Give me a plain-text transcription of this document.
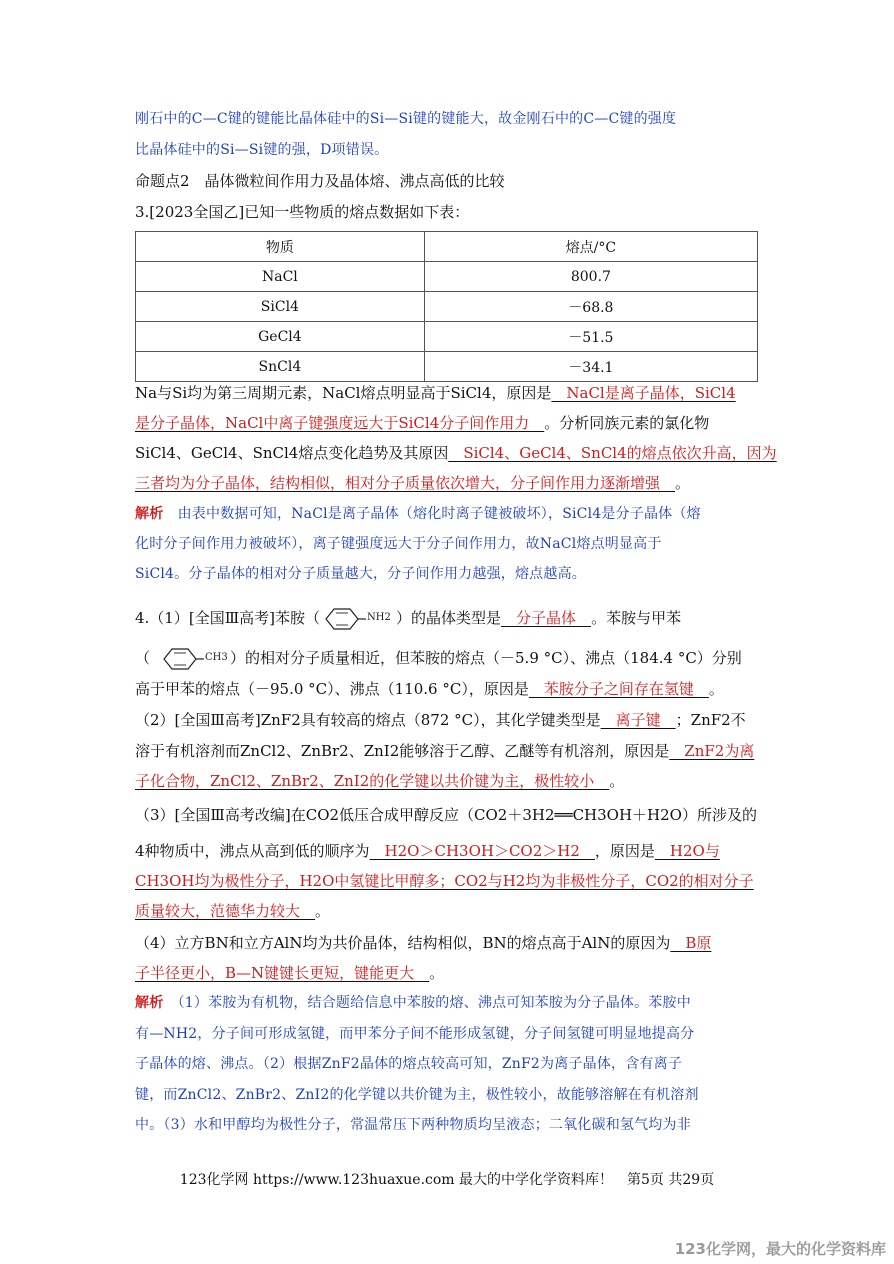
刚石中的C—C键的键能比晶体硅中的Si—Si键的键能大，故金刚石中的C—C键的强度
比晶体硅中的Si—Si键的强，D项错误。
命题点2　晶体微粒间作用力及晶体熔、沸点高低的比较
3.[2023全国乙]已知一些物质的熔点数据如下表：
物质	熔点/°C
NaCl	800.7
SiCl4	－68.8
GeCl4	－51.5
SnCl4	－34.1
Na与Si均为第三周期元素，NaCl熔点明显高于SiCl4，原因是　NaCl是离子晶体，SiCl4
是分子晶体，NaCl中离子键强度远大于SiCl4分子间作用力　。分析同族元素的氯化物
SiCl4、GeCl4、SnCl4熔点变化趋势及其原因　SiCl4、GeCl4、SnCl4的熔点依次升高，因为
三者均为分子晶体，结构相似，相对分子质量依次增大，分子间作用力逐渐增强　。
解析　由表中数据可知，NaCl是离子晶体（熔化时离子键被破坏），SiCl4是分子晶体（熔
化时分子间作用力被破坏），离子键强度远大于分子间作用力，故NaCl熔点明显高于
SiCl4。分子晶体的相对分子质量越大，分子间作用力越强，熔点越高。
4.（1）[全国Ⅲ高考]苯胺（	NH2 ）的晶体类型是　分子晶体　。苯胺与甲苯
（	CH3 ）的相对分子质量相近，但苯胺的熔点（－5.9 °C）、沸点（184.4 °C）分别
高于甲苯的熔点（－95.0 °C）、沸点（110.6 °C），原因是　苯胺分子之间存在氢键　。
（2）[全国Ⅲ高考]ZnF2具有较高的熔点（872 °C），其化学键类型是　离子键　；ZnF2不
溶于有机溶剂而ZnCl2、ZnBr2、ZnI2能够溶于乙醇、乙醚等有机溶剂，原因是　ZnF2为离
子化合物，ZnCl2、ZnBr2、ZnI2的化学键以共价键为主，极性较小　。
（3）[全国Ⅲ高考改编]在CO2低压合成甲醇反应（CO2＋3H2══CH3OH＋H2O）所涉及的
4种物质中，沸点从高到低的顺序为　H2O＞CH3OH＞CO2＞H2　，原因是　H2O与
CH3OH均为极性分子，H2O中氢键比甲醇多；CO2与H2均为非极性分子，CO2的相对分子
质量较大，范德华力较大　。
（4）立方BN和立方AlN均为共价晶体，结构相似，BN的熔点高于AlN的原因为　B原
子半径更小，B—N键键长更短，键能更大　。
解析　（1）苯胺为有机物，结合题给信息中苯胺的熔、沸点可知苯胺为分子晶体。苯胺中
有—NH2，分子间可形成氢键，而甲苯分子间不能形成氢键，分子间氢键可明显地提高分
子晶体的熔、沸点。（2）根据ZnF2晶体的熔点较高可知，ZnF2为离子晶体，含有离子
键，而ZnCl2、ZnBr2、ZnI2的化学键以共价键为主，极性较小，故能够溶解在有机溶剂
中。（3）水和甲醇均为极性分子，常温常压下两种物质均呈液态；二氧化碳和氢气均为非
123化学网 https://www.123huaxue.com 最大的中学化学资料库！　第5页 共29页
123化学网，最大的化学资料库
